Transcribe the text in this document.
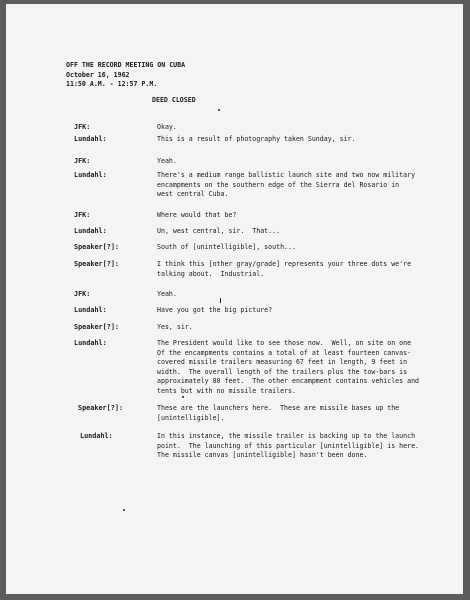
OFF THE RECORD MEETING ON CUBA
October 16, 1962
11:50 A.M. - 12:57 P.M.
DEED CLOSED
JFK:	Okay.
Lundahl:	This is a result of photography taken Sunday, sir.
JFK:	Yeah.
Lundahl:	There's a medium range ballistic launch site and two now military
encampments on the southern edge of the Sierra del Rosario in
west central Cuba.
JFK:	Where would that be?
Lundahl:	Un, west central, sir.  That...
Speaker[?]:	South of [unintelligible], south...
Speaker[?]:	I think this [other gray/grade] represents your three dots we're
talking about.  Industrial.
JFK:	Yeah.
Lundahl:	Have you got the big picture?
Speaker[?]:	Yes, sir.
Lundahl:	The President would like to see those now.  Well, on site on one
Of the encampments contains a total of at least fourteen canvas-
covered missile trailers measuring 67 feet in length, 9 feet in
width.  The overall length of the trailers plus the tow-bars is
approximately 80 feet.  The other encampment contains vehicles and
tents but with no missile trailers.
Speaker[?]:	These are the launchers here.  These are missile bases up the
[unintelligible].
Lundahl:	In this instance, the missile trailer is backing up to the launch
point.  The launching of this particular [unintelligible] is here.
The missile canvas [unintelligible] hasn't been done.
